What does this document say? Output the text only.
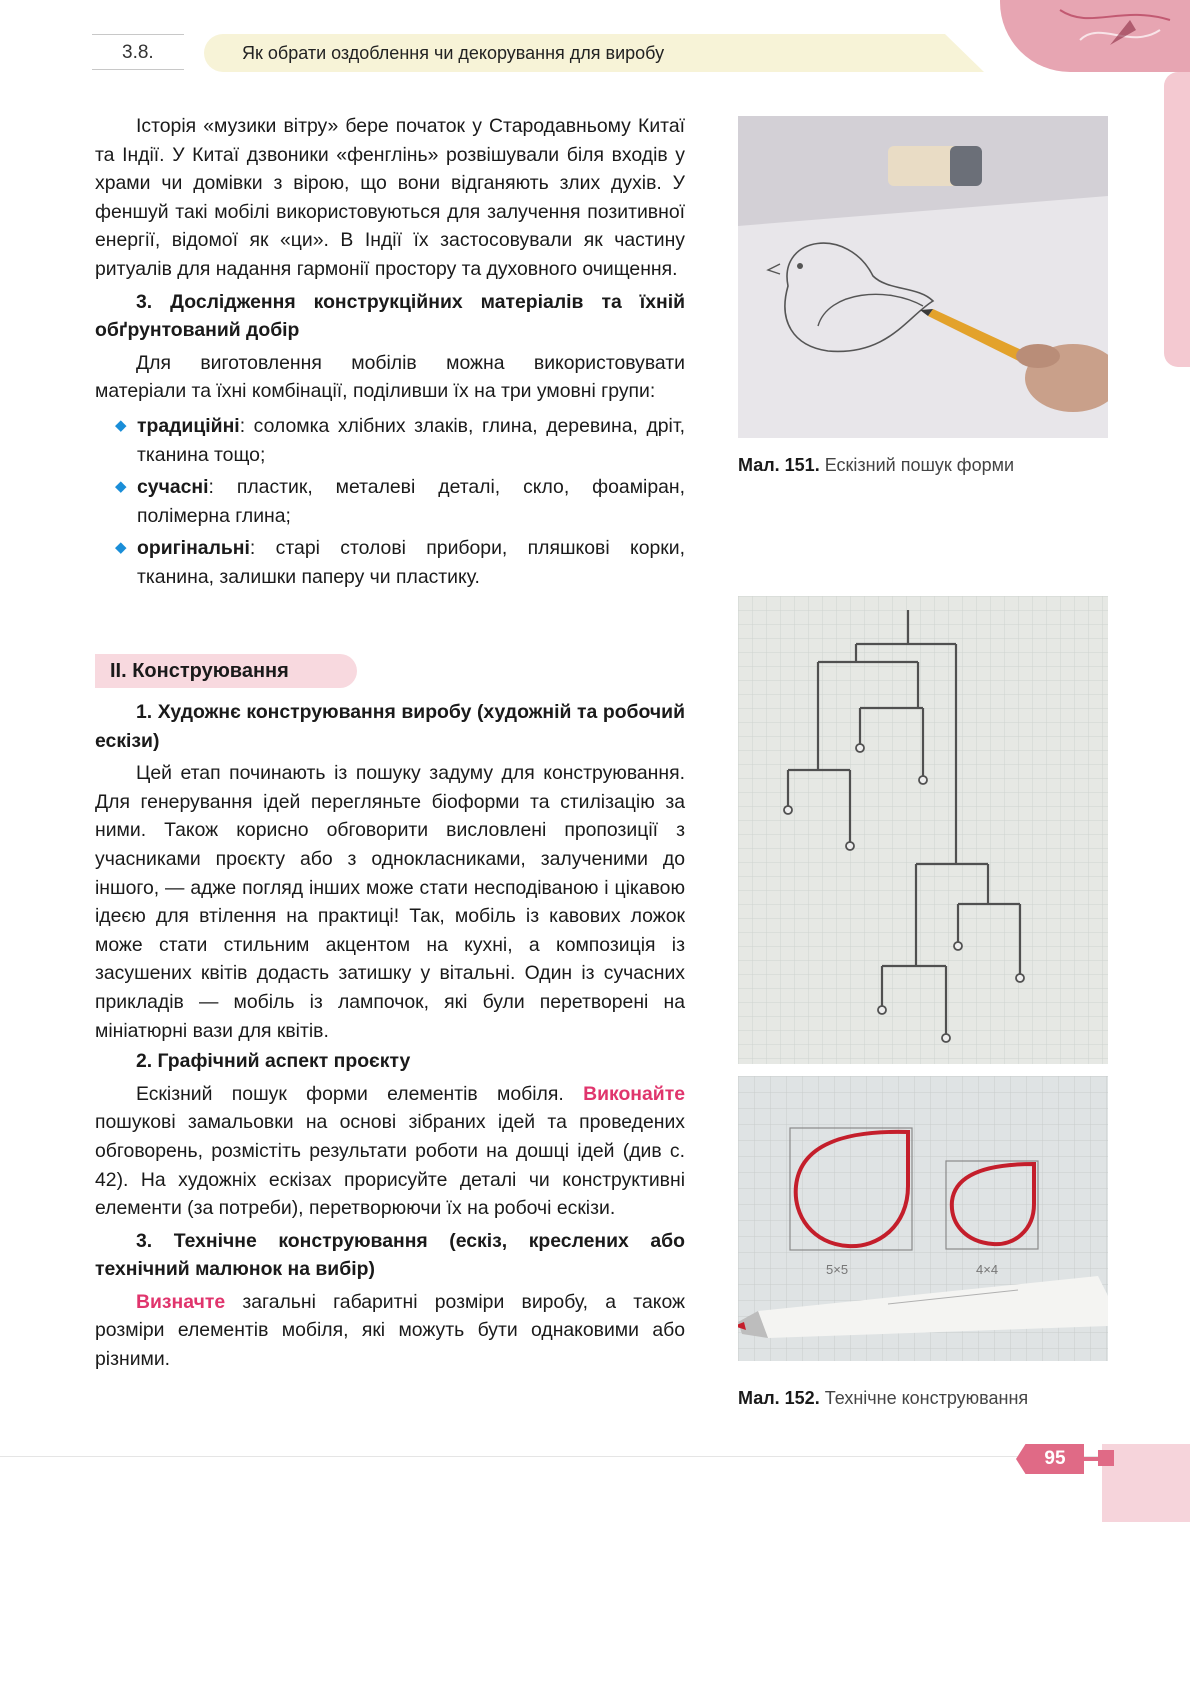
3.8.	Як обрати оздоблення чи декорування для виробу

Історія «музики вітру» бере початок у Стародавньому Китаї та Індії. У Китаї дзвоники «фенглінь» розвішували біля входів у храми чи домівки з вірою, що вони відганяють злих духів. У феншуй такі мобілі використовуються для залучення позитивної енергії, відомої як «ци». В Індії їх застосовували як частину ритуалів для надання гармонії простору та духовного очищення.

3. Дослідження конструкційних матеріалів та їхній обґрунтований добір

Для виготовлення мобілів можна використовувати матеріали та їхні комбінації, поділивши їх на три умовні групи:

◆ традиційні: соломка хлібних злаків, глина, деревина, дріт, тканина тощо;

◆ сучасні: пластик, металеві деталі, скло, фоаміран, полімерна глина;

◆ оригінальні: старі столові прибори, пляшкові корки, тканина, залишки паперу чи пластику.

II. Конструювання

1. Художнє конструювання виробу (художній та робочий ескізи)

Цей етап починають із пошуку задуму для конструювання. Для генерування ідей перегляньте біоформи та стилізацію за ними. Також корисно обговорити висловлені пропозиції з учасниками проєкту або з однокласниками, залученими до іншого, — адже погляд інших може стати несподіваною і цікавою ідеєю для втілення на практиці! Так, мобіль із кавових ложок може стати стильним акцентом на кухні, а композиція із засушених квітів додасть затишку у вітальні. Один із сучасних прикладів — мобіль із лампочок, які були перетворені на мініатюрні вази для квітів.

2. Графічний аспект проєкту

Ескізний пошук форми елементів мобіля. Виконайте пошукові замальовки на основі зібраних ідей та проведених обговорень, розмістіть результати роботи на дошці ідей (див с. 42). На художніх ескізах прорисуйте деталі чи конструктивні елементи (за потреби), перетворюючи їх на робочі ескізи.

3. Технічне конструювання (ескіз, креслених або технічний малюнок на вибір)

Визначте загальні габаритні розміри виробу, а також розміри елементів мобіля, які можуть бути однаковими або різними.

Мал. 151. Ескізний пошук форми
5×5	4×4
Мал. 152. Технічне конструювання
95
